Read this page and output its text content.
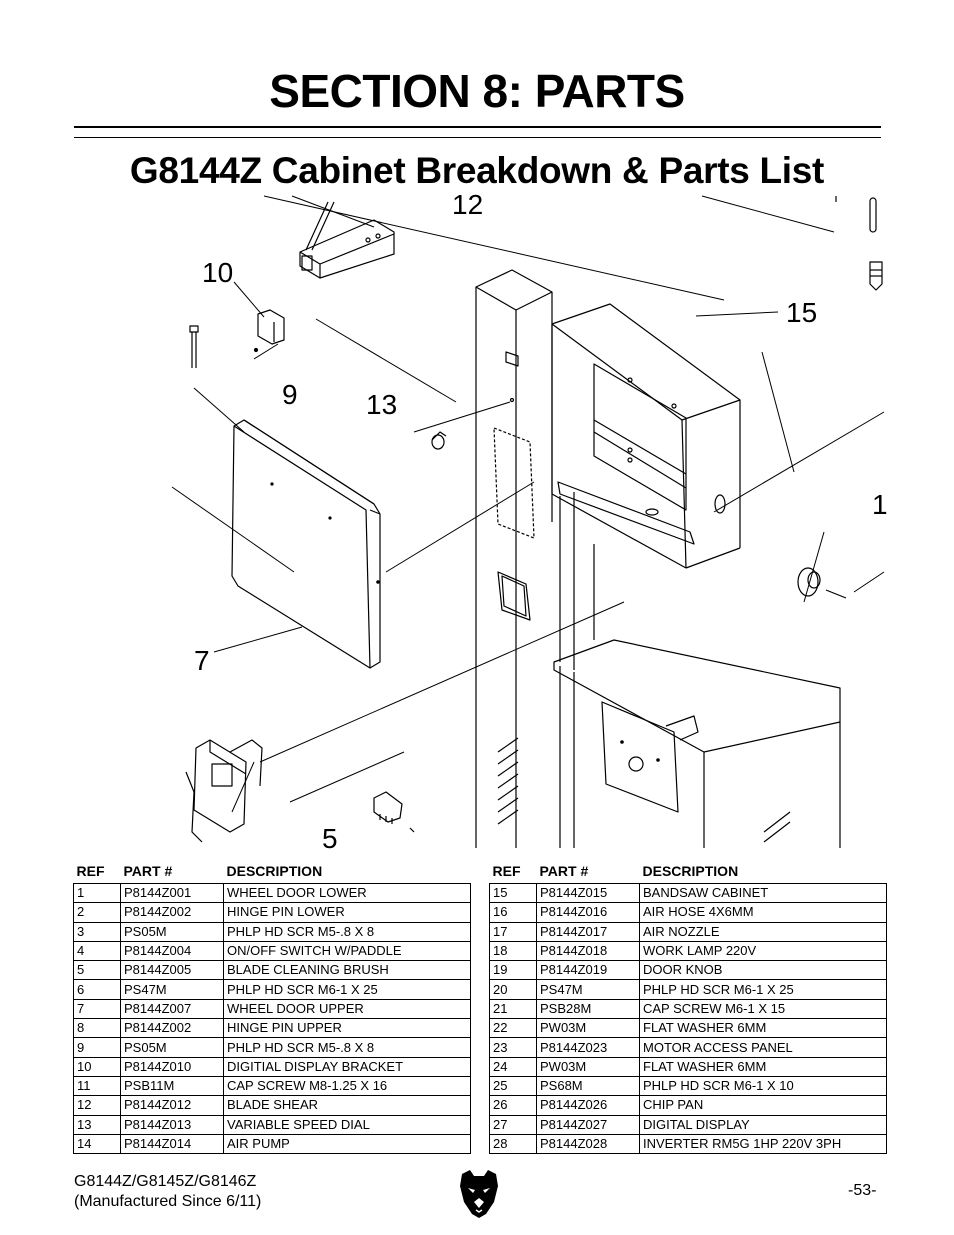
SECTION 8: PARTS
G8144Z Cabinet Breakdown & Parts List
12
10
15
9 13
1
7
5
REF	PART #	DESCRIPTION
1	P8144Z001	WHEEL DOOR LOWER
2	P8144Z002	HINGE PIN LOWER
3	PS05M	PHLP HD SCR M5-.8 X 8
4	P8144Z004	ON/OFF SWITCH W/PADDLE
5	P8144Z005	BLADE CLEANING BRUSH
6	PS47M	PHLP HD SCR M6-1 X 25
7	P8144Z007	WHEEL DOOR UPPER
8	P8144Z002	HINGE PIN UPPER
9	PS05M	PHLP HD SCR M5-.8 X 8
10	P8144Z010	DIGITIAL DISPLAY BRACKET
11	PSB11M	CAP SCREW M8-1.25 X 16
12	P8144Z012	BLADE SHEAR
13	P8144Z013	VARIABLE SPEED DIAL
14	P8144Z014	AIR PUMP
REF	PART #	DESCRIPTION
15	P8144Z015	BANDSAW CABINET
16	P8144Z016	AIR HOSE 4X6MM
17	P8144Z017	AIR NOZZLE
18	P8144Z018	WORK LAMP 220V
19	P8144Z019	DOOR KNOB
20	PS47M	PHLP HD SCR M6-1 X 25
21	PSB28M	CAP SCREW M6-1 X 15
22	PW03M	FLAT WASHER 6MM
23	P8144Z023	MOTOR ACCESS PANEL
24	PW03M	FLAT WASHER 6MM
25	PS68M	PHLP HD SCR M6-1 X 10
26	P8144Z026	CHIP PAN
27	P8144Z027	DIGITAL DISPLAY
28	P8144Z028	INVERTER RM5G 1HP 220V 3PH
G8144Z/G8145Z/G8146Z
(Manufactured Since 6/11)
-53-
